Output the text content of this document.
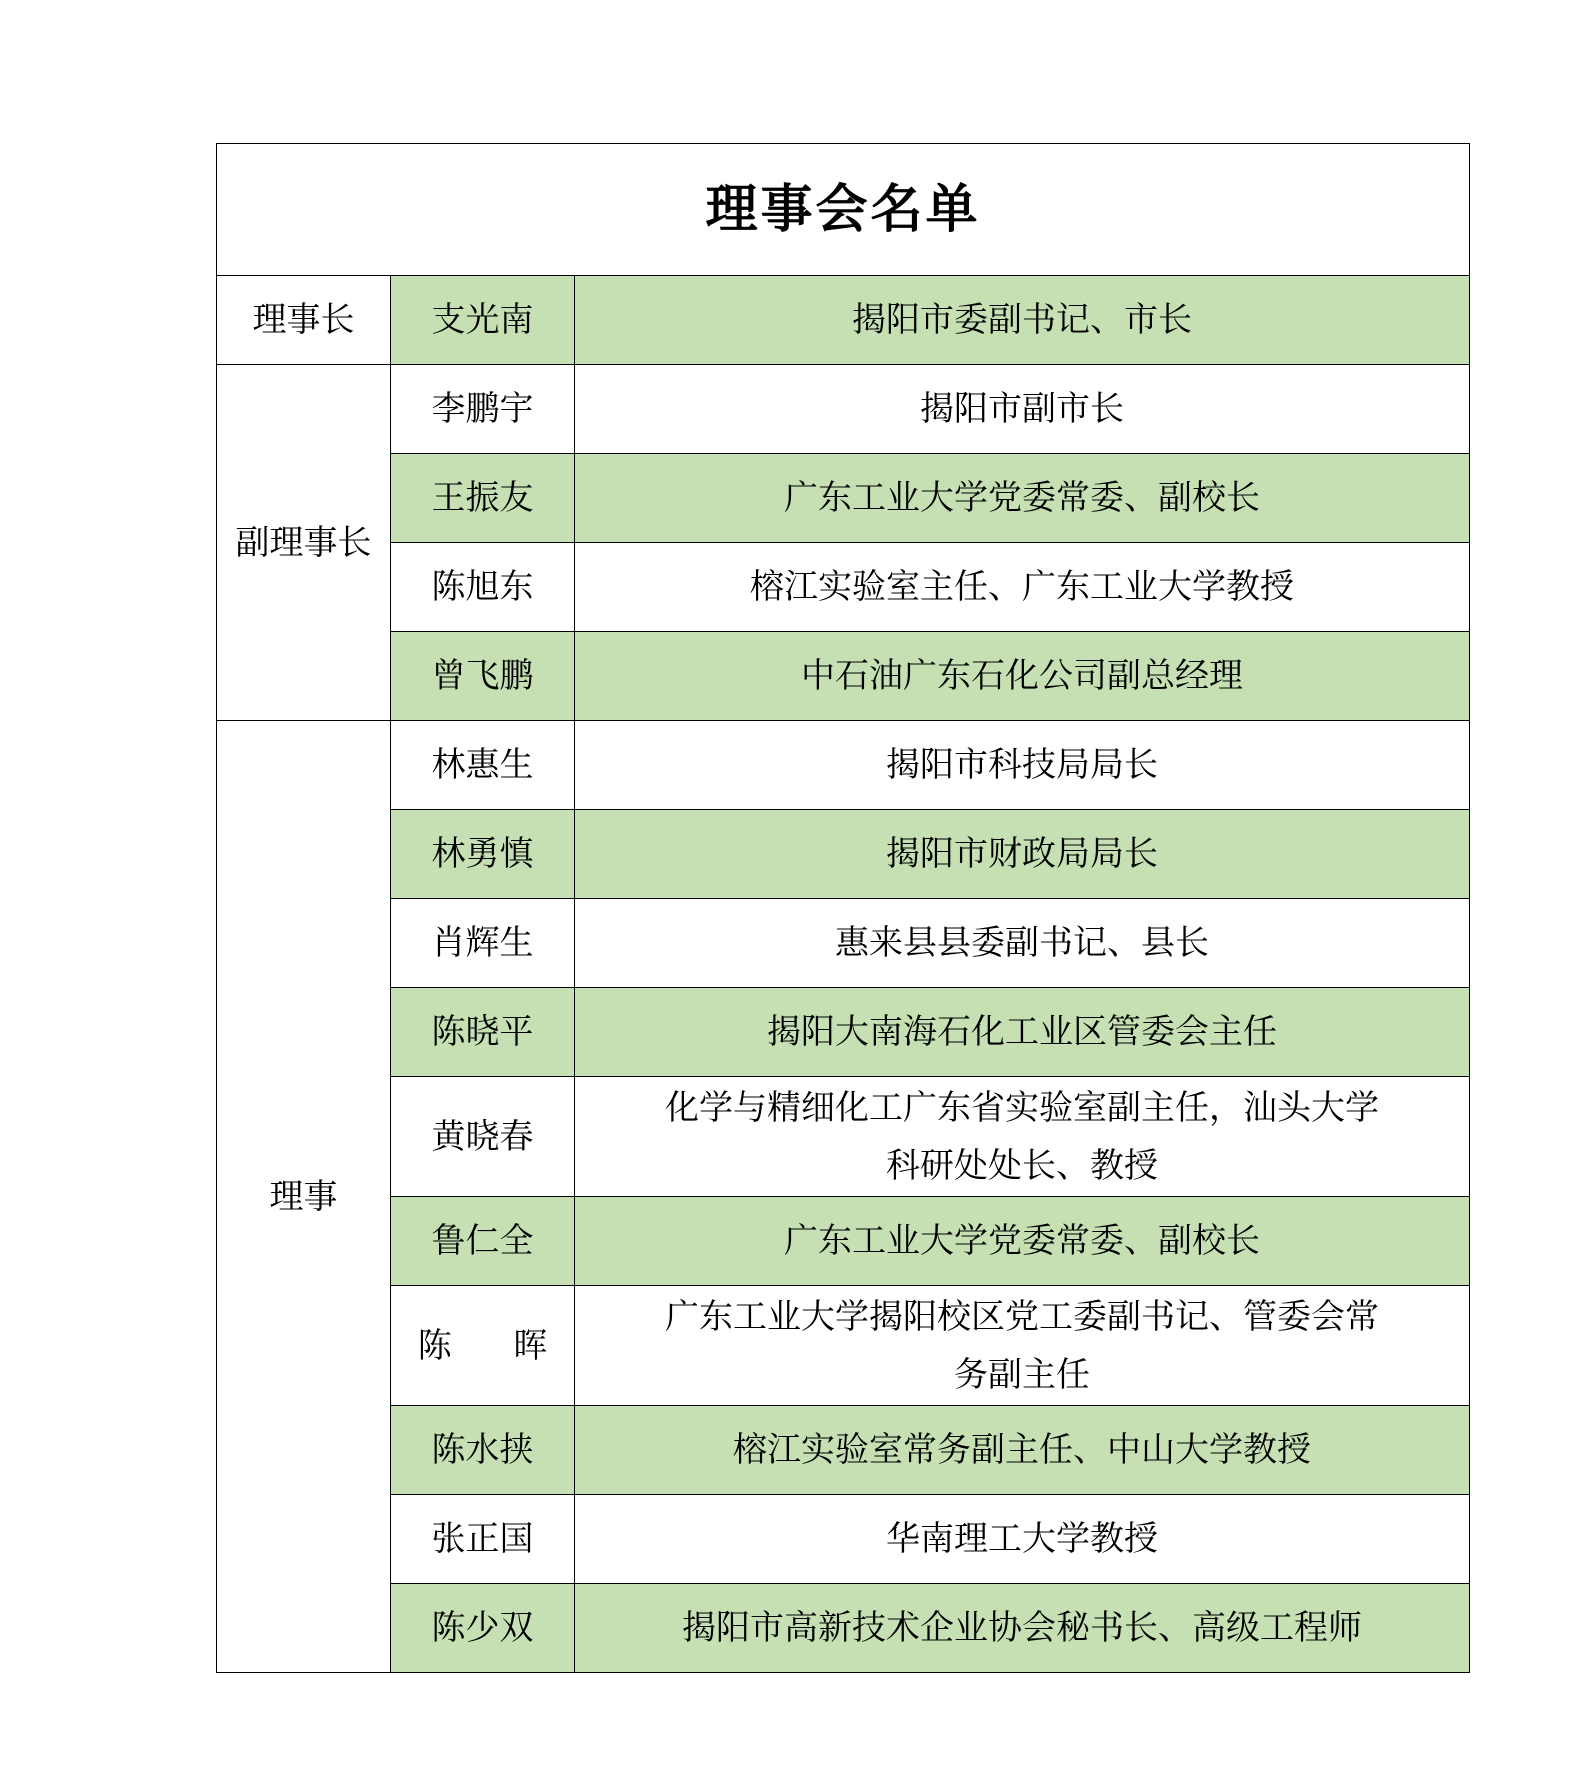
理事会名单		
理事长	支光南	揭阳市委副书记、市长
副理事长	李鹏宇	揭阳市副市长
	王振友	广东工业大学党委常委、副校长
	陈旭东	榕江实验室主任、广东工业大学教授
	曾飞鹏	中石油广东石化公司副总经理
理事	林惠生	揭阳市科技局局长
	林勇慎	揭阳市财政局局长
	肖辉生	惠来县县委副书记、县长
	陈晓平	揭阳大南海石化工业区管委会主任
	黄晓春	化学与精细化工广东省实验室副主任，汕头大学科研处处长、教授
	鲁仁全	广东工业大学党委常委、副校长
	陈  晖	广东工业大学揭阳校区党工委副书记、管委会常务副主任
	陈水挟	榕江实验室常务副主任、中山大学教授
	张正国	华南理工大学教授
	陈少双	揭阳市高新技术企业协会秘书长、高级工程师
